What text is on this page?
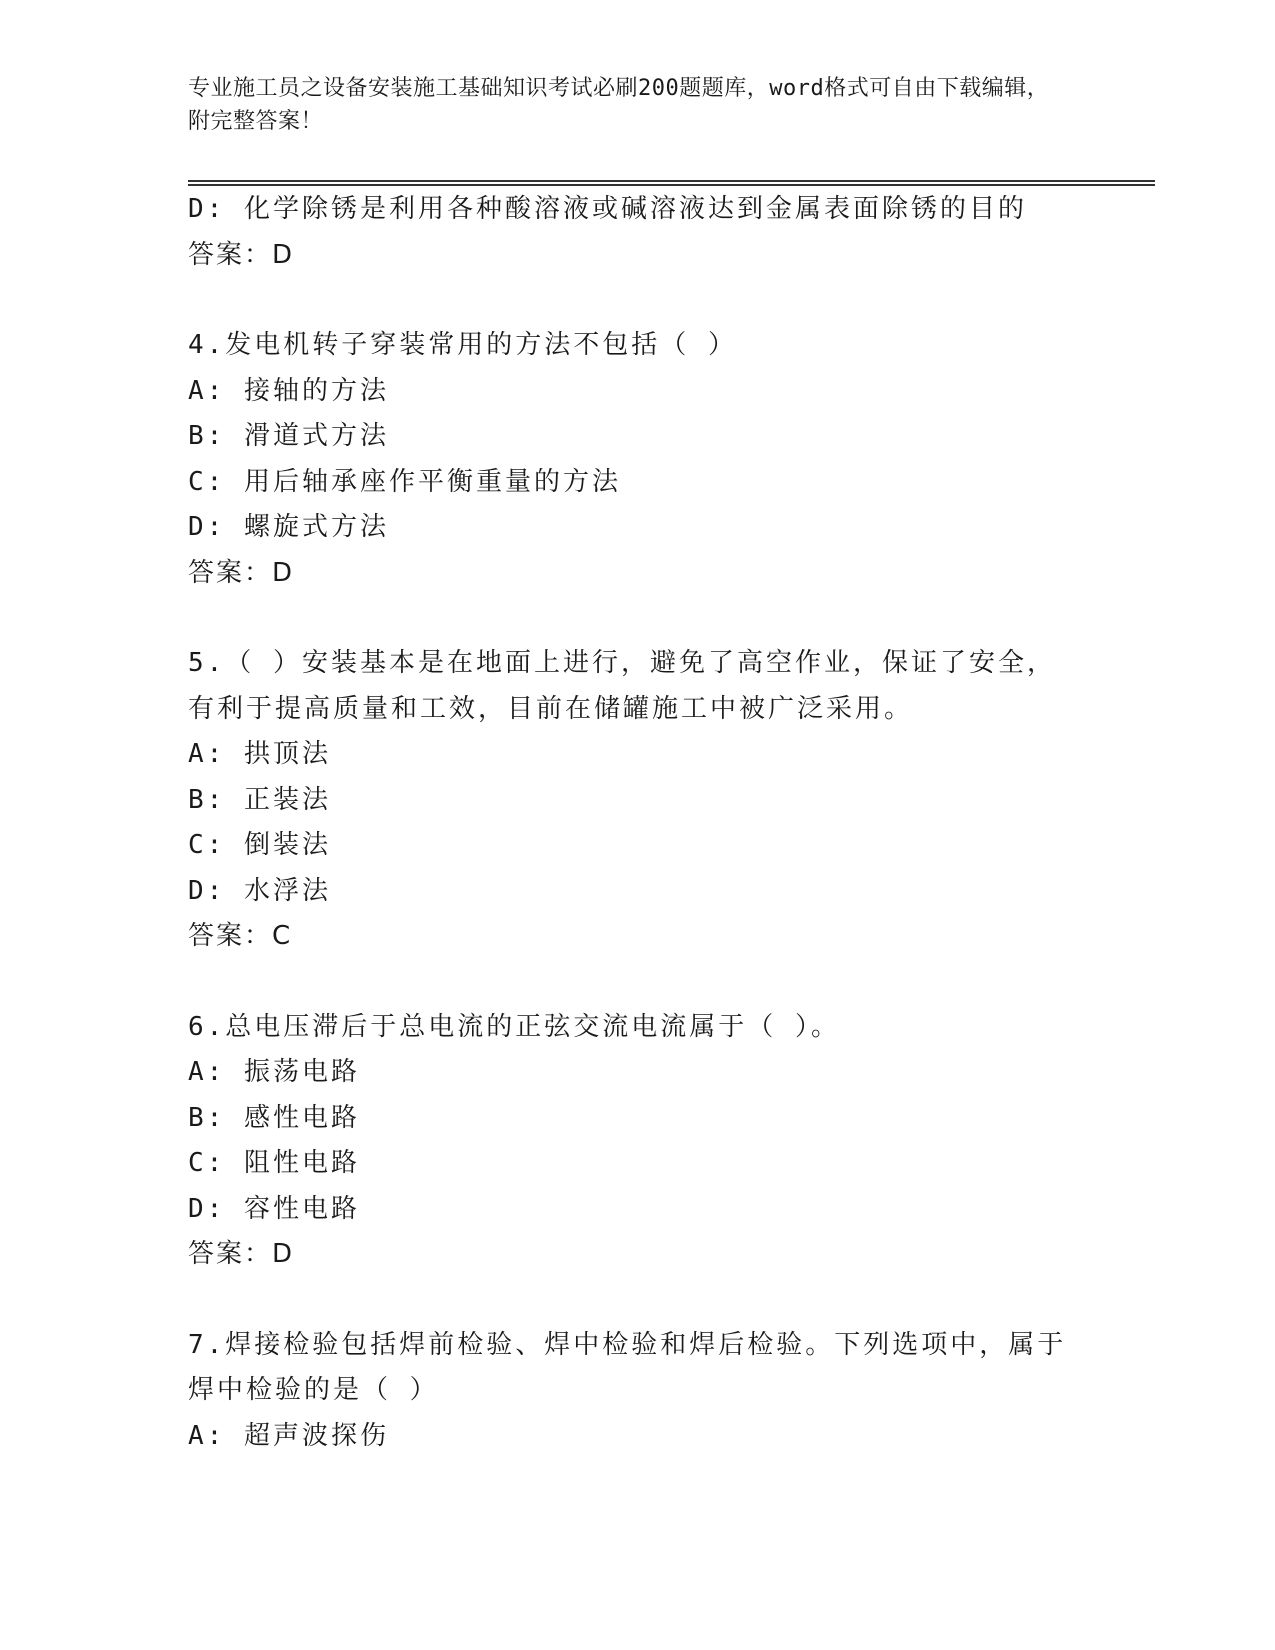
专业施工员之设备安装施工基础知识考试必刷200题题库，word格式可自由下载编辑，附完整答案！
D: 化学除锈是利用各种酸溶液或碱溶液达到金属表面除锈的目的
答案：D
4.发电机转子穿装常用的方法不包括（ ）
A: 接轴的方法
B: 滑道式方法
C: 用后轴承座作平衡重量的方法
D: 螺旋式方法
答案：D
5.（ ）安装基本是在地面上进行，避免了高空作业，保证了安全，有利于提高质量和工效，目前在储罐施工中被广泛采用。
A: 拱顶法
B: 正装法
C: 倒装法
D: 水浮法
答案：C
6.总电压滞后于总电流的正弦交流电流属于（ ）。
A: 振荡电路
B: 感性电路
C: 阻性电路
D: 容性电路
答案：D
7.焊接检验包括焊前检验、焊中检验和焊后检验。下列选项中，属于焊中检验的是（ ）
A: 超声波探伤
